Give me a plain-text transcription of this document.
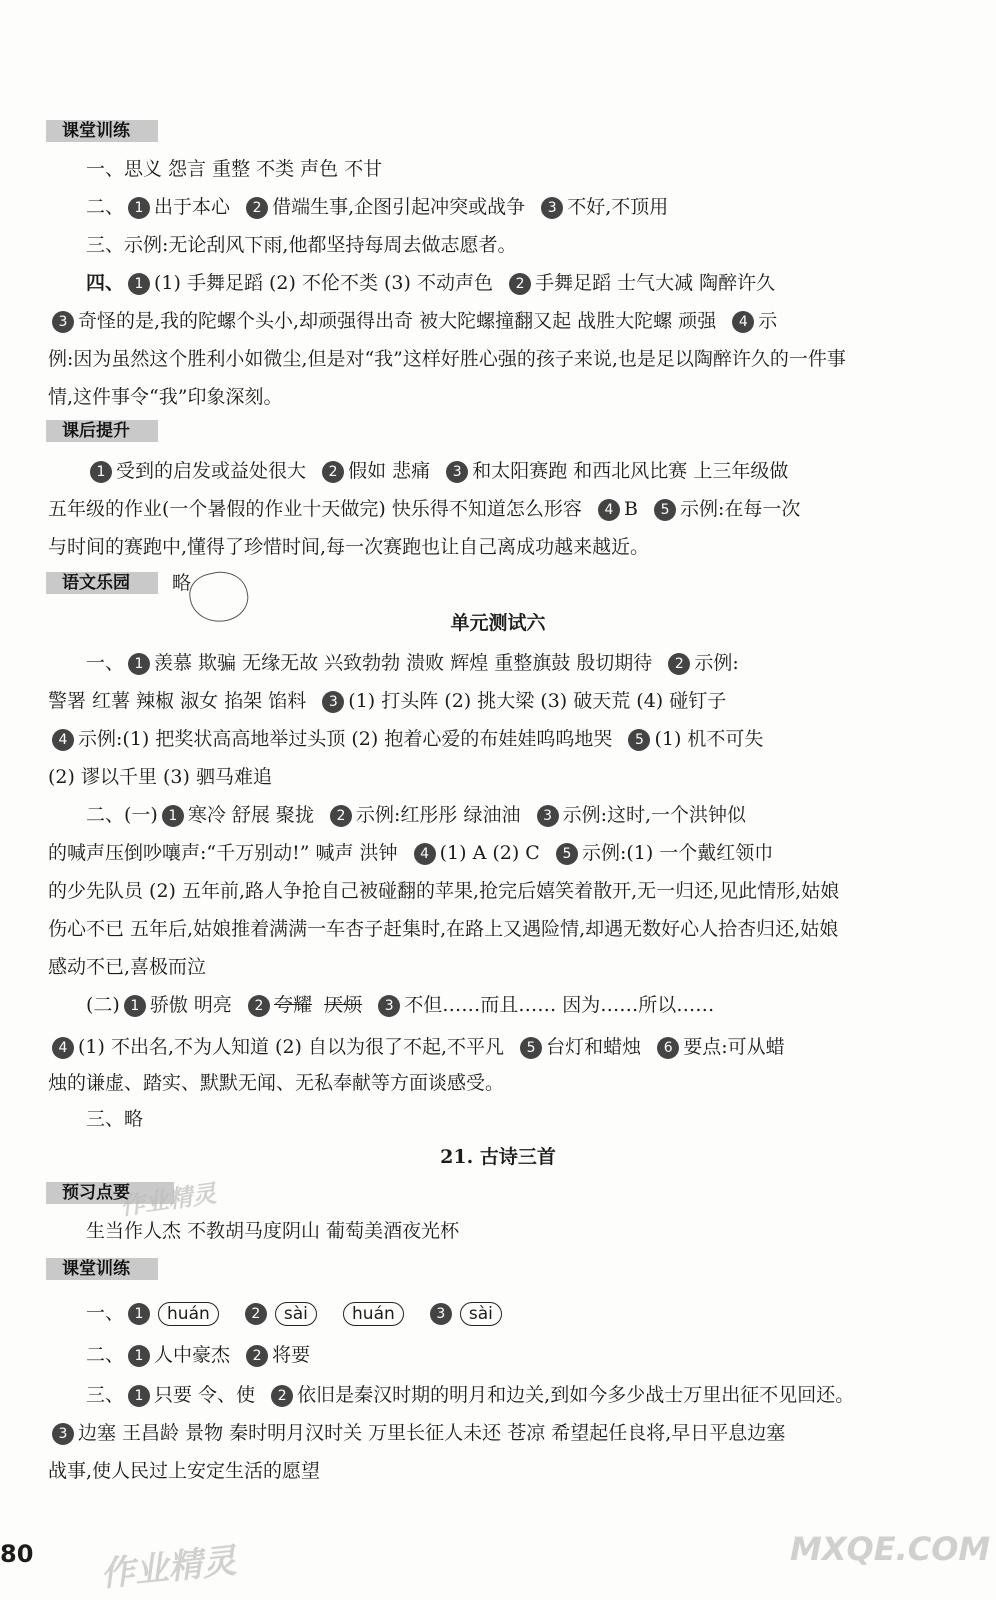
课堂训练
一、思义 怨言 重整 不类 声色 不甘
二、 1 出于本心 2 借端生事,企图引起冲突或战争 3 不好,不顶用
三、示例:无论刮风下雨,他都坚持每周去做志愿者。
四、 1 (1) 手舞足蹈 (2) 不伦不类 (3) 不动声色 2 手舞足蹈 士气大减 陶醉许久
3 奇怪的是,我的陀螺个头小,却顽强得出奇 被大陀螺撞翻又起 战胜大陀螺 顽强 4 示
例:因为虽然这个胜利小如微尘,但是对“我”这样好胜心强的孩子来说,也是足以陶醉许久的一件事
情,这件事令“我”印象深刻。
课后提升
1 受到的启发或益处很大 2 假如 悲痛 3 和太阳赛跑 和西北风比赛 上三年级做
五年级的作业(一个暑假的作业十天做完) 快乐得不知道怎么形容 4 B 5 示例:在每一次
与时间的赛跑中,懂得了珍惜时间,每一次赛跑也让自己离成功越来越近。
语文乐园	略
单元测试六
一、 1 羡慕 欺骗 无缘无故 兴致勃勃 溃败 辉煌 重整旗鼓 殷切期待 2 示例:
警署 红薯 辣椒 淑女 掐架 馅料 3 (1) 打头阵 (2) 挑大梁 (3) 破天荒 (4) 碰钉子
4 示例:(1) 把奖状高高地举过头顶 (2) 抱着心爱的布娃娃呜呜地哭 5 (1) 机不可失
(2) 谬以千里 (3) 驷马难追
二、(一) 1 寒冷 舒展 聚拢 2 示例:红彤彤 绿油油 3 示例:这时,一个洪钟似
的喊声压倒吵嚷声:“千万别动!” 喊声 洪钟 4 (1) A (2) C 5 示例:(1) 一个戴红领巾
的少先队员 (2) 五年前,路人争抢自己被碰翻的苹果,抢完后嬉笑着散开,无一归还,见此情形,姑娘
伤心不已 五年后,姑娘推着满满一车杏子赶集时,在路上又遇险情,却遇无数好心人拾杏归还,姑娘
感动不已,喜极而泣
(二) 1 骄傲 明亮 2 夸耀 厌烦 3 不但……而且…… 因为……所以……
4 (1) 不出名,不为人知道 (2) 自以为很了不起,不平凡 5 台灯和蜡烛 6 要点:可从蜡
烛的谦虚、踏实、默默无闻、无私奉献等方面谈感受。
三、略
21. 古诗三首
预习点要
生当作人杰 不教胡马度阴山 葡萄美酒夜光杯
课堂训练
一、 1 huán	2 sài	huán	3 sài
二、 1 人中豪杰 2 将要
三、 1 只要 令、使 2 依旧是秦汉时期的明月和边关,到如今多少战士万里出征不见回还。
3 边塞 王昌龄 景物 秦时明月汉时关 万里长征人未还 苍凉 希望起任良将,早日平息边塞
战事,使人民过上安定生活的愿望
80
作业精灵
作业精灵	MXQE.COM
